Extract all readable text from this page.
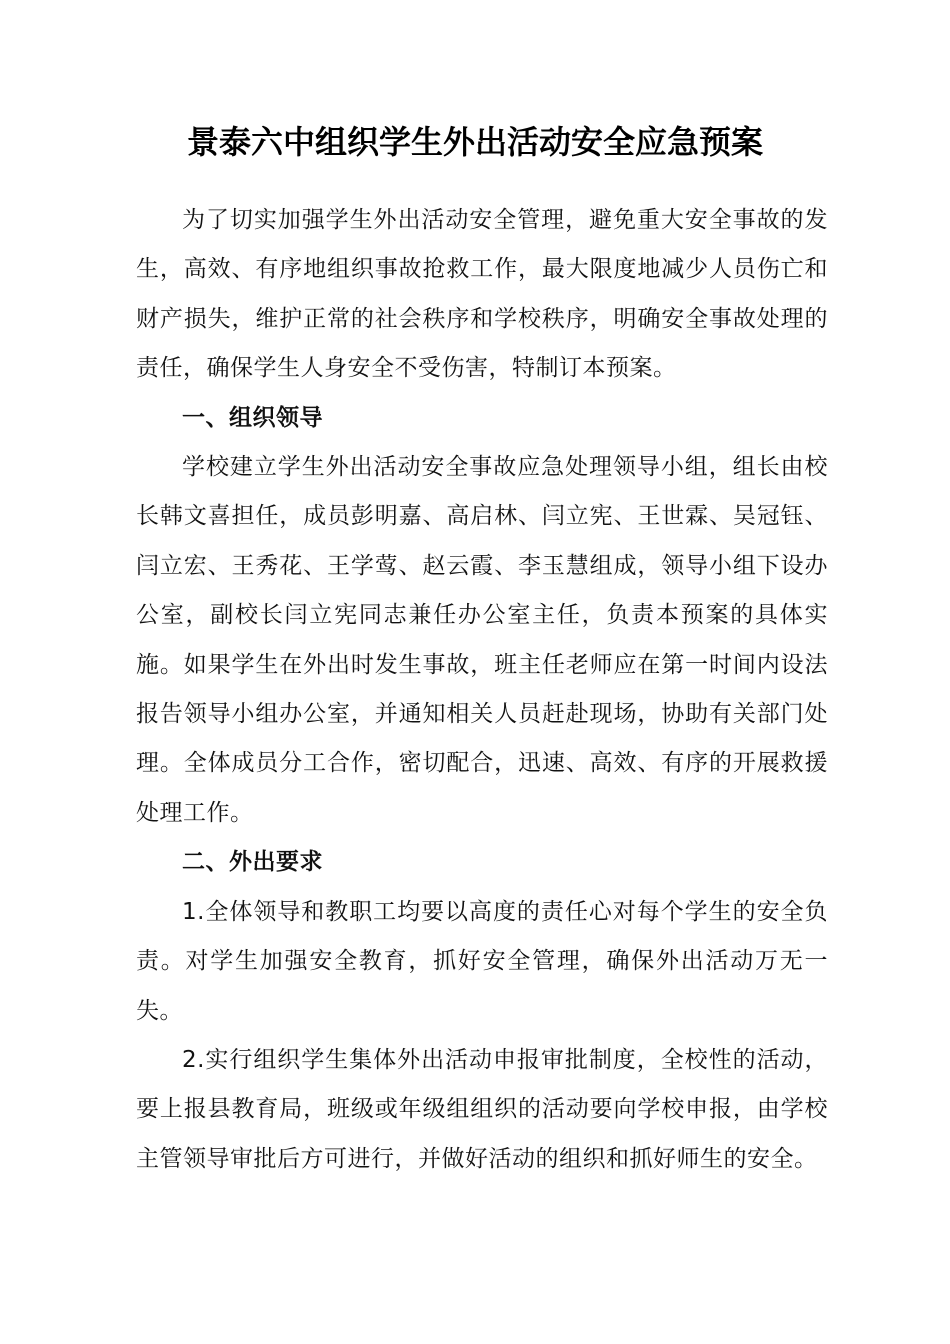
景泰六中组织学生外出活动安全应急预案

为了切实加强学生外出活动安全管理，避免重大安全事故的发生，高效、有序地组织事故抢救工作，最大限度地减少人员伤亡和财产损失，维护正常的社会秩序和学校秩序，明确安全事故处理的责任，确保学生人身安全不受伤害，特制订本预案。

一、组织领导

学校建立学生外出活动安全事故应急处理领导小组，组长由校长韩文喜担任，成员彭明嘉、高启林、闫立宪、王世霖、吴冠钰、闫立宏、王秀花、王学莺、赵云霞、李玉慧组成，领导小组下设办公室，副校长闫立宪同志兼任办公室主任，负责本预案的具体实施。如果学生在外出时发生事故，班主任老师应在第一时间内设法报告领导小组办公室，并通知相关人员赶赴现场，协助有关部门处理。全体成员分工合作，密切配合，迅速、高效、有序的开展救援处理工作。

二、外出要求

1.全体领导和教职工均要以高度的责任心对每个学生的安全负责。对学生加强安全教育，抓好安全管理，确保外出活动万无一失。

2.实行组织学生集体外出活动申报审批制度，全校性的活动，要上报县教育局，班级或年级组组织的活动要向学校申报，由学校主管领导审批后方可进行，并做好活动的组织和抓好师生的安全。
